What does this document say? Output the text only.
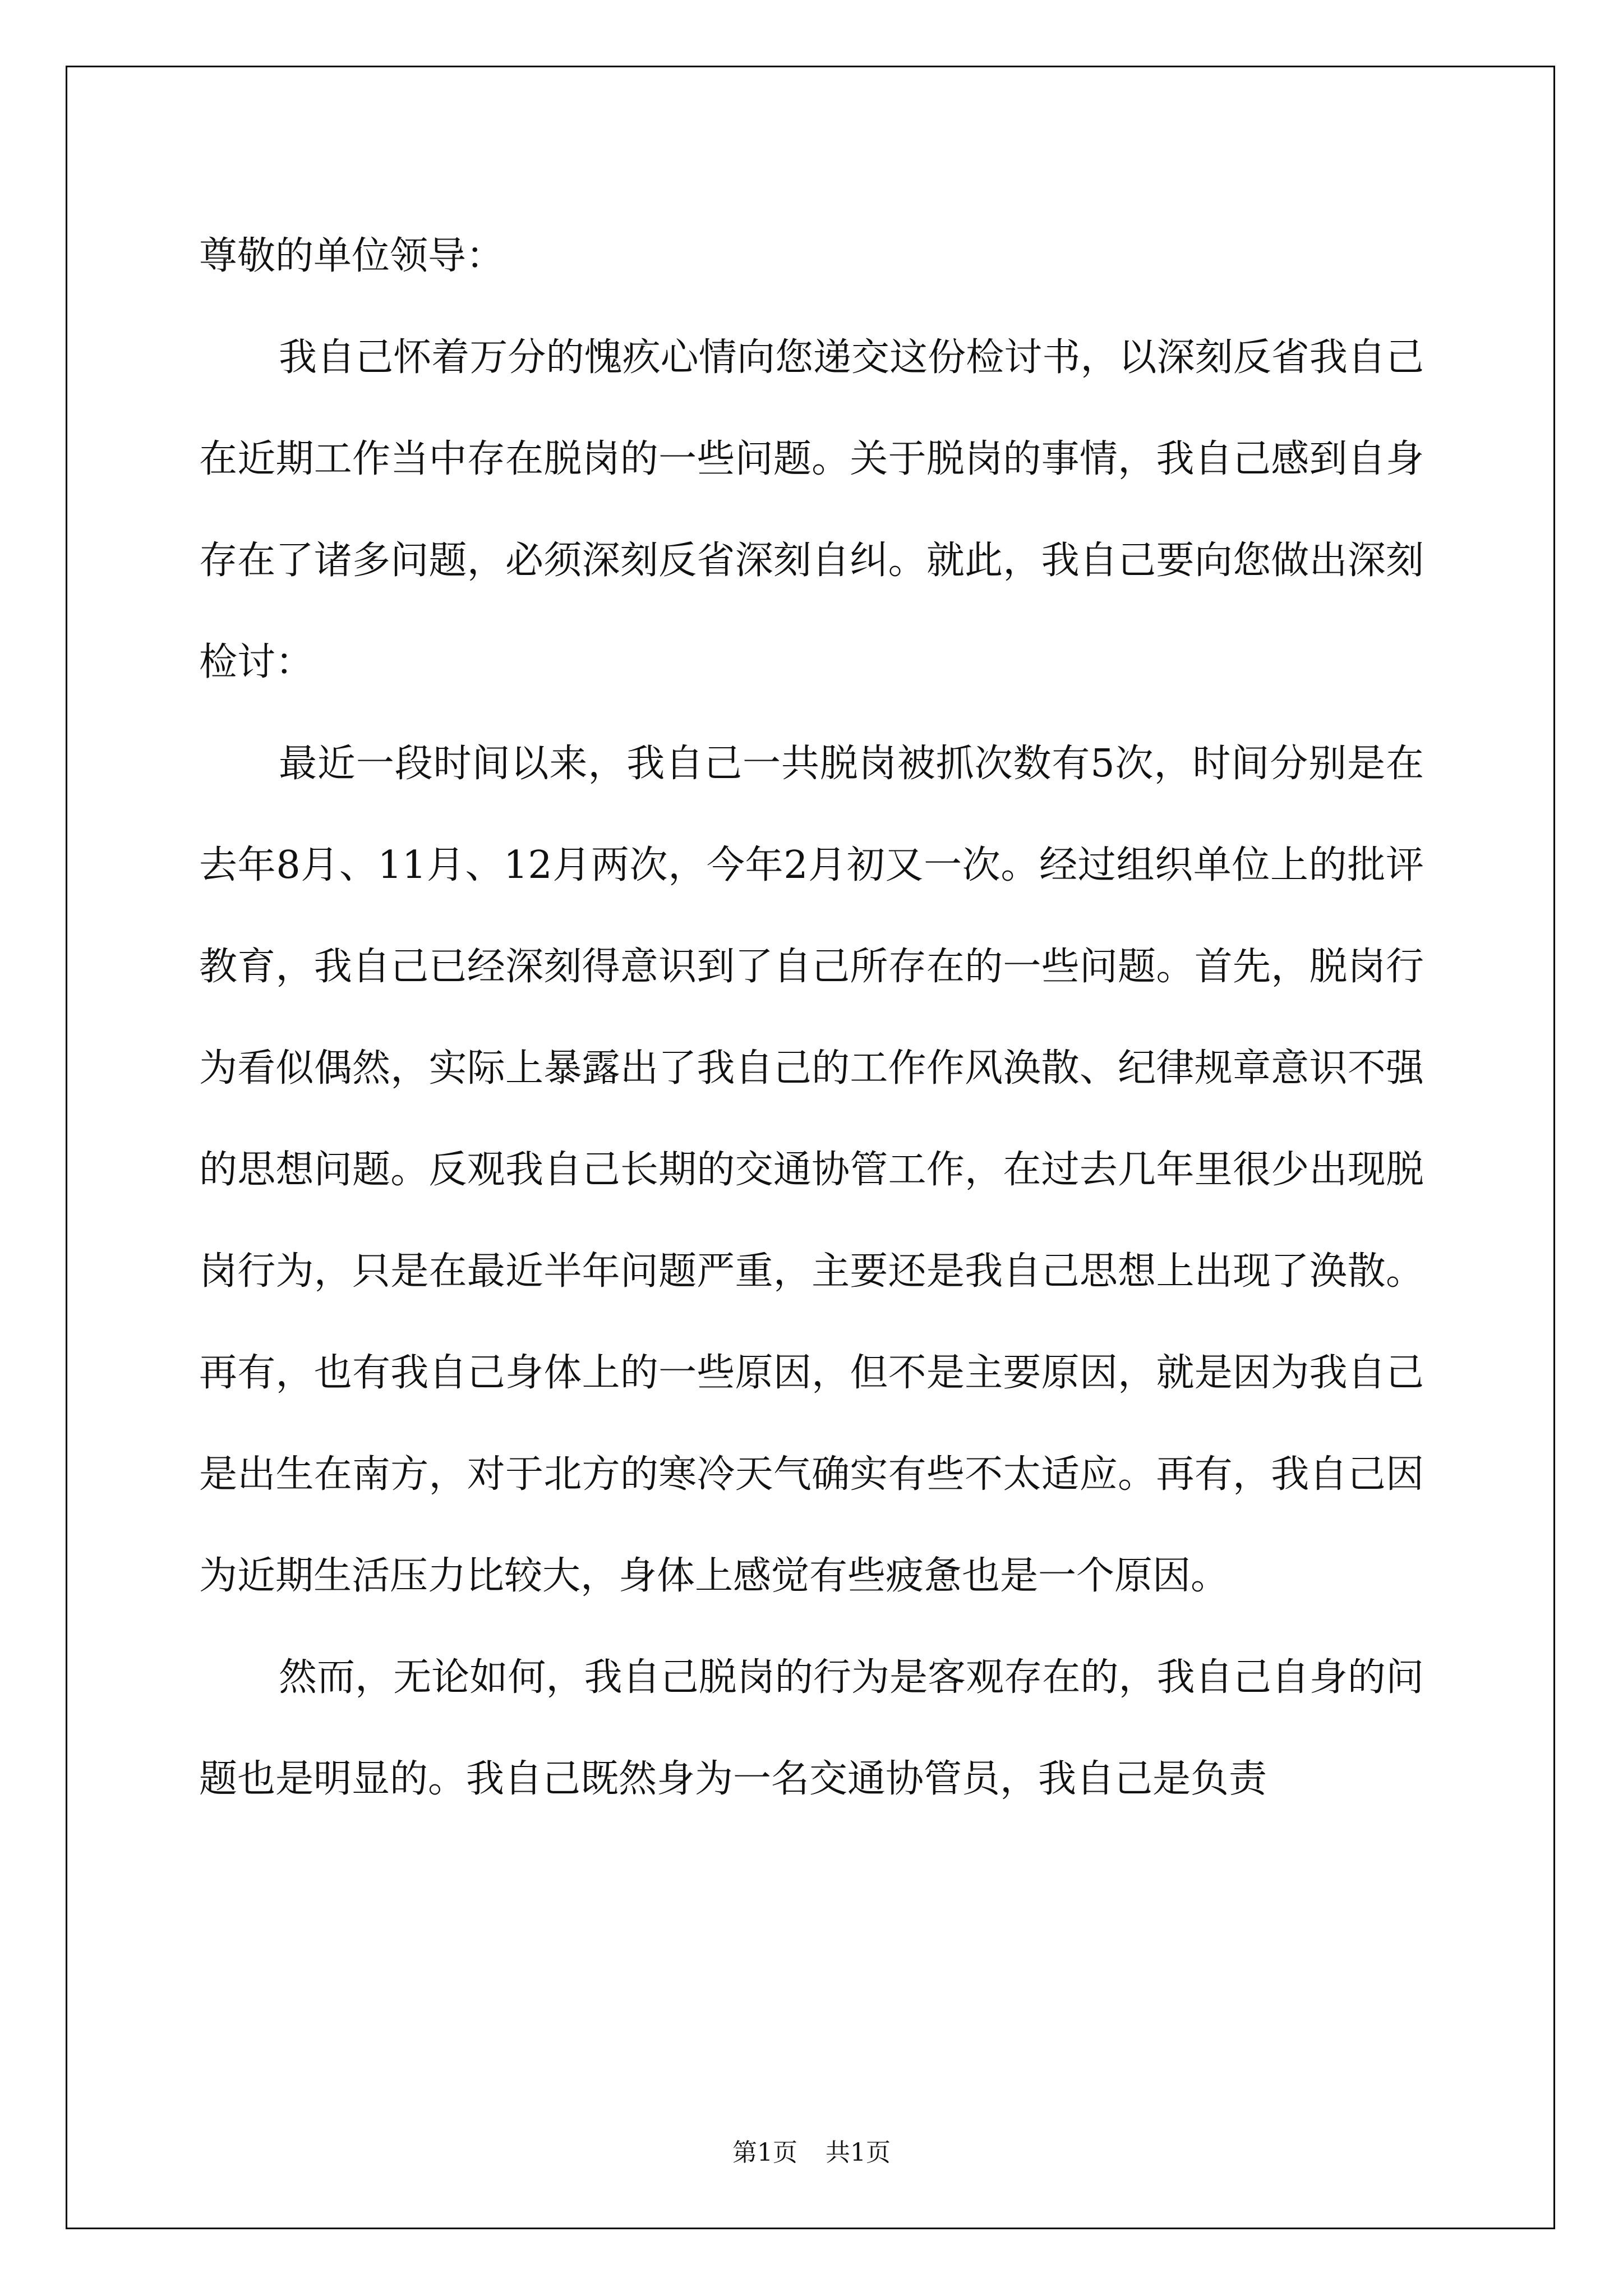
尊敬的单位领导：

我自己怀着万分的愧疚心情向您递交这份检讨书，以深刻反省我自己在近期工作当中存在脱岗的一些问题。关于脱岗的事情，我自己感到自身存在了诸多问题，必须深刻反省深刻自纠。就此，我自己要向您做出深刻检讨：

最近一段时间以来，我自己一共脱岗被抓次数有5次，时间分别是在去年8月、11月、12月两次，今年2月初又一次。经过组织单位上的批评教育，我自己已经深刻得意识到了自己所存在的一些问题。首先，脱岗行为看似偶然，实际上暴露出了我自己的工作作风涣散、纪律规章意识不强的思想问题。反观我自己长期的交通协管工作，在过去几年里很少出现脱岗行为，只是在最近半年问题严重，主要还是我自己思想上出现了涣散。再有，也有我自己身体上的一些原因，但不是主要原因，就是因为我自己是出生在南方，对于北方的寒冷天气确实有些不太适应。再有，我自己因为近期生活压力比较大，身体上感觉有些疲惫也是一个原因。

然而，无论如何，我自己脱岗的行为是客观存在的，我自己自身的问题也是明显的。我自己既然身为一名交通协管员，我自己是负责

第1页 共1页
